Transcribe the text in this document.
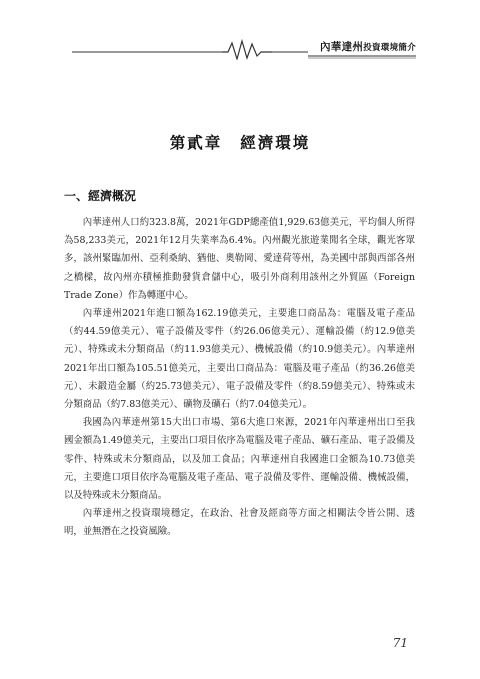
內華達州投資環境簡介
第貳章 經濟環境
一、經濟概況

內華達州人口約323.8萬，2021年GDP總產值1,929.63億美元，平均個人所得為58,233美元，2021年12月失業率為6.4%。內州觀光旅遊業聞名全球，觀光客眾多，該州緊臨加州、亞利桑納、猶他、奧勒岡、愛達荷等州，為美國中部與西部各州之橋樑，故內州亦積極推動發貨倉儲中心，吸引外商利用該州之外貿區（Foreign Trade Zone）作為轉運中心。

內華達州2021年進口額為162.19億美元，主要進口商品為：電腦及電子產品（約44.59億美元）、電子設備及零件（約26.06億美元）、運輸設備（約12.9億美元）、特殊或未分類商品（約11.93億美元）、機械設備（約10.9億美元）。內華達州2021年出口額為105.51億美元，主要出口商品為：電腦及電子產品（約36.26億美元）、未鍛造金屬（約25.73億美元）、電子設備及零件（約8.59億美元）、特殊或未分類商品（約7.83億美元）、礦物及礦石（約7.04億美元）。

我國為內華達州第15大出口市場、第6大進口來源，2021年內華達州出口至我國金額為1.49億美元，主要出口項目依序為電腦及電子產品、礦石產品、電子設備及零件、特殊或未分類商品，以及加工食品；內華達州自我國進口金額為10.73億美元，主要進口項目依序為電腦及電子產品、電子設備及零件、運輸設備、機械設備，以及特殊或未分類商品。

內華達州之投資環境穩定，在政治、社會及經商等方面之相關法令皆公開、透明，並無潛在之投資風險。

71
